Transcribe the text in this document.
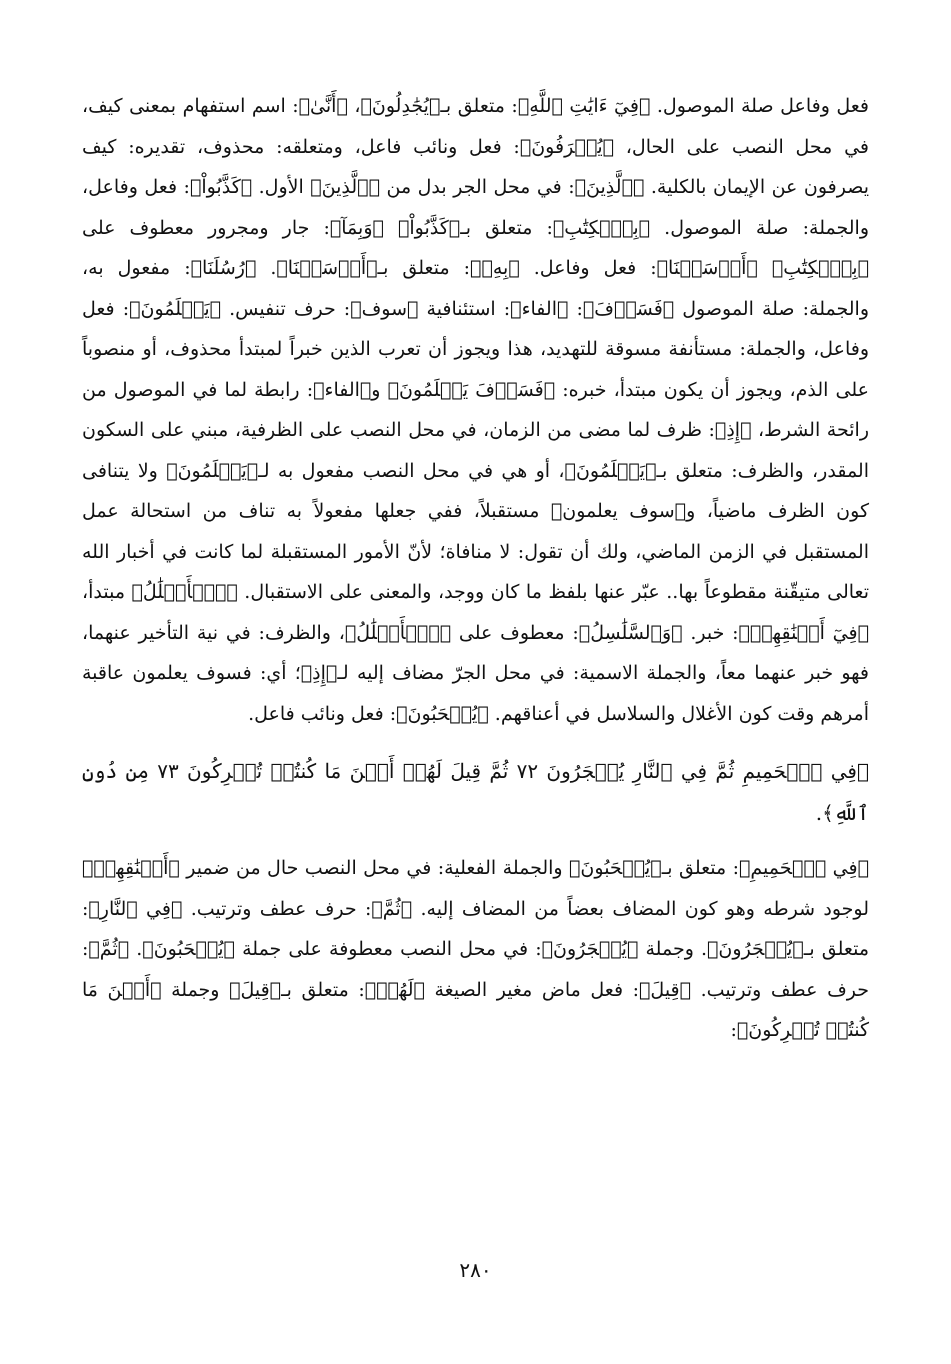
فعل وفاعل صلة الموصول. ﴿فِيٓ ءَايَٰتِ ٱللَّهِ﴾: متعلق بـ﴿يُجَٰدِلُونَ﴾، ﴿أَنَّىٰ﴾: اسم استفهام بمعنى كيف، في محل النصب على الحال، ﴿يُصۡرَفُونَ﴾: فعل ونائب فاعل، ومتعلقه: محذوف، تقديره: كيف يصرفون عن الإيمان بالكلية. ﴿ٱلَّذِينَ﴾: في محل الجر بدل من ﴿ٱلَّذِينَ﴾ الأول. ﴿كَذَّبُواْ﴾: فعل وفاعل، والجملة: صلة الموصول. ﴿بِٱلۡكِتَٰبِ﴾: متعلق بـ﴿كَذَّبُواْ﴾ ﴿وَبِمَآ﴾: جار ومجرور معطوف على ﴿بِٱلۡكِتَٰبِ﴾ ﴿أَرۡسَلۡنَا﴾: فعل وفاعل. ﴿بِهِۦ﴾: متعلق بـ﴿أَرۡسَلۡنَا﴾. ﴿رُسُلَنَا﴾: مفعول به، والجملة: صلة الموصول ﴿فَسَوۡفَ﴾: ﴿الفاء﴾: استئنافية ﴿سوف﴾: حرف تنفيس. ﴿يَعۡلَمُونَ﴾: فعل وفاعل، والجملة: مستأنفة مسوقة للتهديد، هذا ويجوز أن تعرب الذين خبراً لمبتدأ محذوف، أو منصوباً على الذم، ويجوز أن يكون مبتدأ، خبره: ﴿فَسَوۡفَ يَعۡلَمُونَ﴾ و﴿الفاء﴾: رابطة لما في الموصول من رائحة الشرط، ﴿إِذِ﴾: ظرف لما مضى من الزمان، في محل النصب على الظرفية، مبني على السكون المقدر، والظرف: متعلق بـ﴿يَعۡلَمُونَ﴾، أو هي في محل النصب مفعول به لـ﴿يَعۡلَمُونَ﴾ ولا يتنافى كون الظرف ماضياً، و﴿سوف يعلمون﴾ مستقبلاً، ففي جعلها مفعولاً به تناف من استحالة عمل المستقبل في الزمن الماضي، ولك أن تقول: لا منافاة؛ لأنّ الأمور المستقبلة لما كانت في أخبار الله تعالى متيقّنة مقطوعاً بها.. عبّر عنها بلفظ ما كان ووجد، والمعنى على الاستقبال. ﴿ٱلۡأَغۡلَٰلُ﴾ مبتدأ، ﴿فِيٓ أَعۡنَٰقِهِمۡ﴾: خبر. ﴿وَٱلسَّلَٰسِلُ﴾: معطوف على ﴿ٱلۡأَغۡلَٰلُ﴾، والظرف: في نية التأخير عنهما، فهو خبر عنهما معاً، والجملة الاسمية: في محل الجرّ مضاف إليه لـ﴿إِذِ﴾؛ أي: فسوف يعلمون عاقبة أمرهم وقت كون الأغلال والسلاسل في أعناقهم. ﴿يُسۡحَبُونَ﴾: فعل ونائب فاعل.

﴿فِي ٱلۡحَمِيمِ ثُمَّ فِي ٱلنَّارِ يُسۡجَرُونَ ٧٢ ثُمَّ قِيلَ لَهُمۡ أَيۡنَ مَا كُنتُمۡ تُشۡرِكُونَ ٧٣ مِن دُونِ ٱللَّهِ﴾.

﴿فِي ٱلۡحَمِيمِ﴾: متعلق بـ﴿يُسۡحَبُونَ﴾ والجملة الفعلية: في محل النصب حال من ضمير ﴿أَعۡنَٰقِهِمۡ﴾ لوجود شرطه وهو كون المضاف بعضاً من المضاف إليه. ﴿ثُمَّ﴾: حرف عطف وترتيب. ﴿فِي ٱلنَّارِ﴾: متعلق بـ﴿يُسۡجَرُونَ﴾. وجملة ﴿يُسۡجَرُونَ﴾: في محل النصب معطوفة على جملة ﴿يُسۡحَبُونَ﴾. ﴿ثُمَّ﴾: حرف عطف وترتيب. ﴿قِيلَ﴾: فعل ماض مغير الصيغة ﴿لَهُمۡ﴾: متعلق بـ﴿قِيلَ﴾ وجملة ﴿أَيۡنَ مَا كُنتُمۡ تُشۡرِكُونَ﴾:

٢٨٠
